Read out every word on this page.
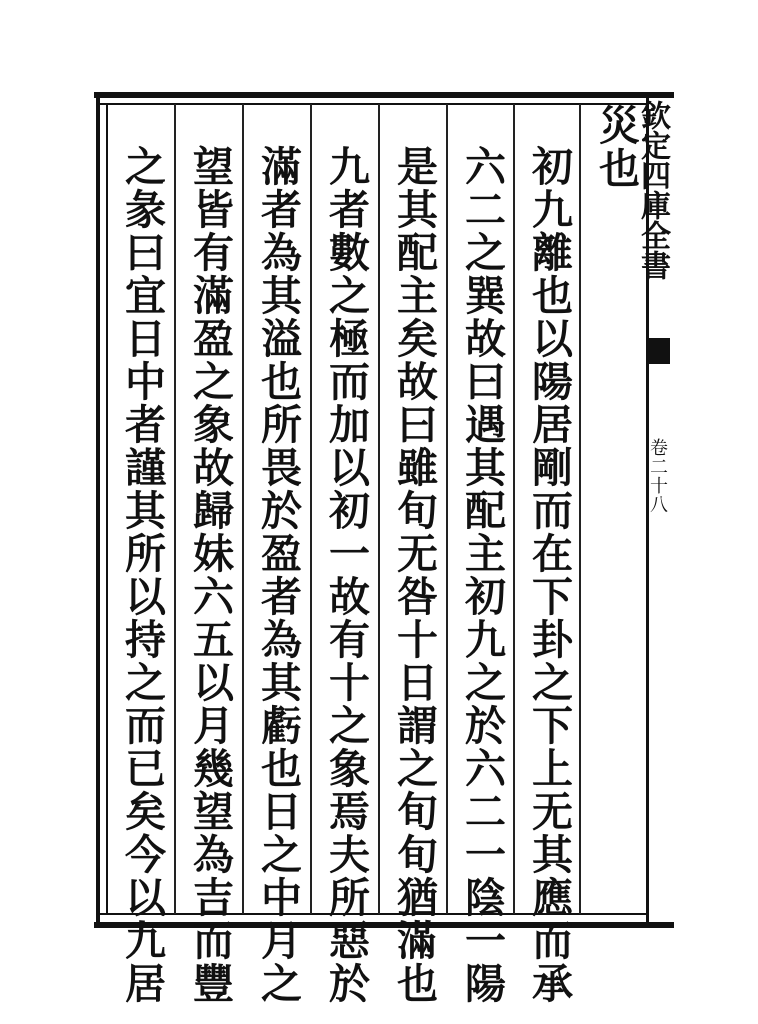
欽定四庫全書
卷二十八
災也
初九離也以陽居剛而在下卦之下上无其應而承
六二之巽故曰遇其配主初九之於六二一陰一陽
是其配主矣故曰雖旬无咎十日謂之旬旬猶滿也
九者數之極而加以初一故有十之象焉夫所惡於
滿者為其溢也所畏於盈者為其虧也日之中月之
望皆有滿盈之象故歸妹六五以月幾望為吉而豐
之彖曰宜日中者謹其所以持之而已矣今以九居
